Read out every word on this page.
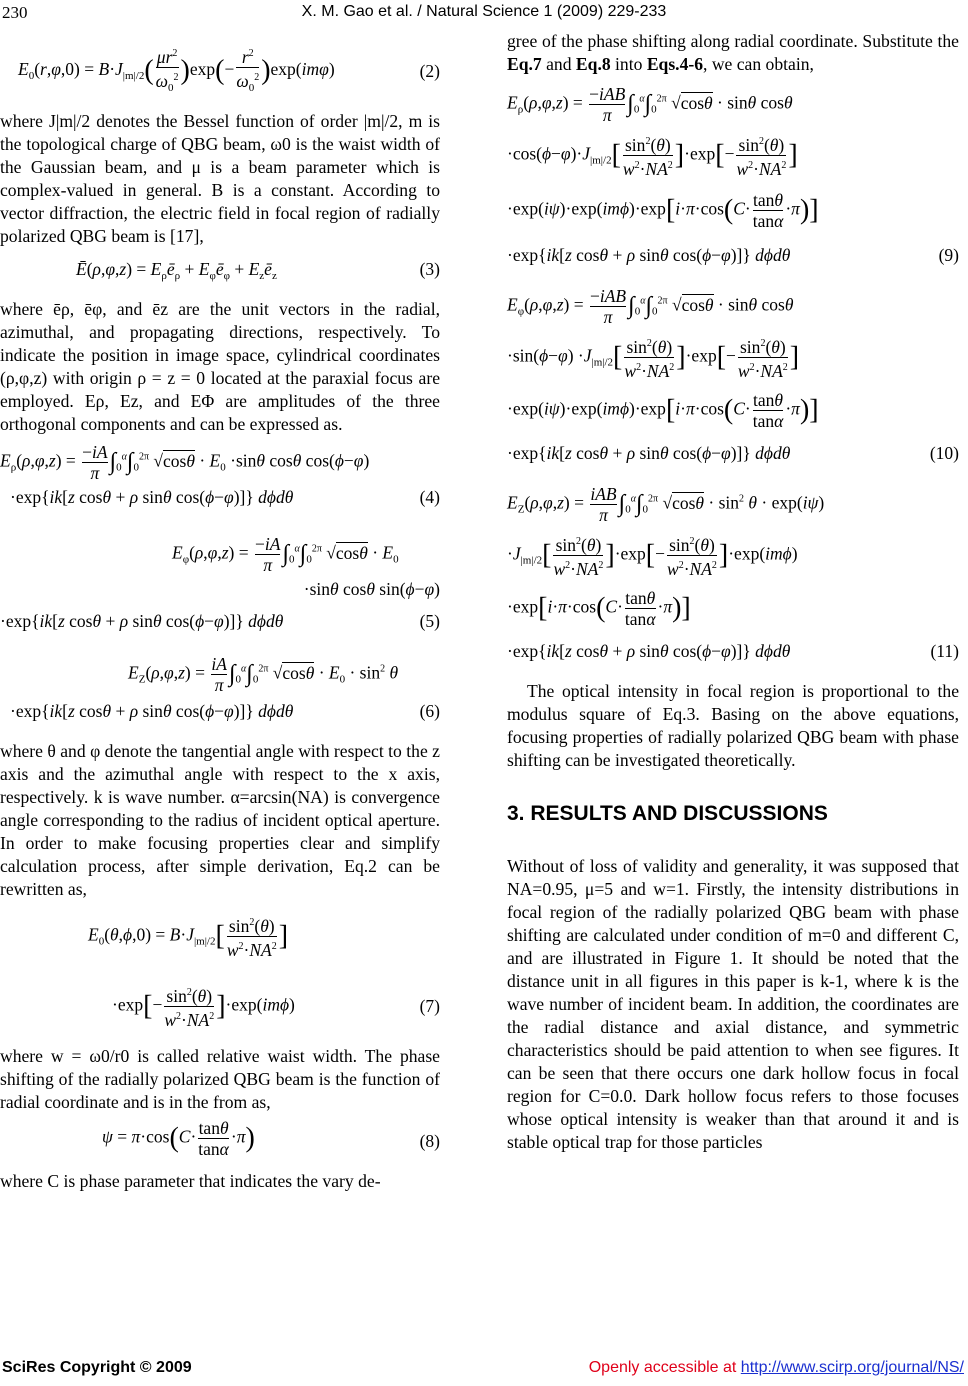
230	X. M. Gao et al. / Natural Science 1 (2009) 229-233
$E_0(r,\varphi,0) = B\cdot J_{|m|/2}( \frac{\mu r^2}{\omega_0^2} )\exp(- \frac{r^2}{\omega_0^2} )\exp(im\varphi)$	(2)

where J|m|/2 denotes the Bessel function of order |m|/2, m is the topological charge of QBG beam, ω0 is the waist width of the Gaussian beam, and μ is a beam parameter which is complex-valued in general. B is a constant. According to vector diffraction, the electric field in focal region of radially polarized QBG beam is [17],

Ē(ρ,φ,z) = $E_\rho ē_\rho$ + $E_\varphi ē_\varphi$ + $E_zē_z$	(3)

where ēρ, ēφ, and ēz are the unit vectors in the radial, azimuthal, and propagating directions, respectively. To indicate the position in image space, cylindrical coordinates (ρ,φ,z) with origin ρ = z = 0 located at the paraxial focus are employed. Eρ, Ez, and EΦ are amplitudes of the three orthogonal components and can be expressed as.

$E_\rho(\rho,\varphi,z) = \frac{-iA}{\pi} \int_0^\alpha\int_0^{2\pi}$ $√\cos\theta \cdot E_0 \cdot\sin\theta$ cosθ cos(ϕ−φ)
·exp{ik[z cosθ + ρ sinθ cos(ϕ−φ)]} dϕdθ	(4)
$E_\varphi(\rho,\varphi,z) = \frac{-iA}{\pi} \int_0^\alpha\int_0^{2\pi}$ $√\cos\theta \cdot E_0$
·sinθ cosθ sin(ϕ−φ)
·exp{ik[z cosθ + ρ sinθ cos(ϕ−φ)]} dϕdθ	(5)
$E_Z(\rho,\varphi,z) = \frac{iA}{\pi} \int_0^\alpha\int_0^{2\pi}$ $√\cos\theta \cdot E_0 \cdot \sin^2 \theta$
·exp{ik[z cosθ + ρ sinθ cos(ϕ−φ)]} dϕdθ	(6)

where θ and φ denote the tangential angle with respect to the z axis and the azimuthal angle with respect to the x axis, respectively. k is wave number. α=arcsin(NA) is convergence angle corresponding to the radius of incident optical aperture. In order to make focusing properties clear and simplify calculation process, after simple derivation, Eq.2 can be rewritten as,

$E_0(\theta,\phi,0) = B\cdot J_{|m|/2}[ \frac{\sin^2(\theta)}{w^2\cdot NA^2}$ ]
$\cdot\exp[- \frac{\sin^2(\theta)}{w^2\cdot NA^2} ]\cdot\exp(im\phi)$	(7)

where w = ω0/r0 is called relative waist width. The phase shifting of the radially polarized QBG beam is the function of radial coordinate and is in the from as,

$\psi = \pi\cdot\cos(C\cdot \frac{\tan\theta}{\tan\alpha} \cdot\pi)$	(8)

where C is phase parameter that indicates the vary de-

gree of the phase shifting along radial coordinate. Substitute the Eq.7 and Eq.8 into Eqs.4-6, we can obtain,

$E_\rho(\rho,\varphi,z) = \frac{\text{−iAB}}{\pi} \int_0^\alpha\int_0^{2\pi}$ √cosθ · sinθ cosθ
$\cdot\cos(\phi-\varphi)\cdot J_{|m|/2}[ \frac{\sin^2(\theta)}{w^2\cdot NA^2} ]\cdot\exp[- \frac{\sin^2(\theta)}{w^2\cdot NA^2}$ ]
$\cdot\exp(i\psi)\cdot\exp(im\phi)\cdot\exp[i\cdot\pi\cdot\cos(C\cdot \frac{\tan\theta}{\tan\alpha} \cdot\pi)]$
·exp{ik[z cosθ + ρ sinθ cos(ϕ−φ)]} dϕdθ	(9)
$E_\varphi(\rho,\varphi,z) = \frac{\text{−iAB}}{\pi} \int_0^\alpha\int_0^{2\pi}$ √cosθ · sinθ cosθ
$\cdot\sin(\phi-\varphi) \cdot J_{|m|/2}[ \frac{\sin^2(\theta)}{w^2\cdot NA^2} ]\cdot\exp[- \frac{\sin^2(\theta)}{w^2\cdot NA^2}$ ]
$\cdot\exp(i\psi)\cdot\exp(im\phi)\cdot\exp[i\cdot\pi\cdot\cos(C\cdot \frac{\tan\theta}{\tan\alpha} \cdot\pi)]$
·exp{ik[z cosθ + ρ sinθ cos(ϕ−φ)]} dϕdθ	(10)
$E_Z(\rho,\varphi,z) = \frac{\text{iAB}}{\pi} \int_0^\alpha\int_0^{2\pi}$ $√\cos\theta \cdot \sin^2 \theta \cdot \exp(i\psi)$
$\cdot J_{|m|/2}[ \frac{\sin^2(\theta)}{w^2\cdot NA^2} ]\cdot\exp[- \frac{\sin^2(\theta)}{w^2\cdot NA^2} ]\cdot\exp(im\phi)$
$\cdot\exp[i\cdot\pi\cdot\cos(C\cdot \frac{\tan\theta}{\tan\alpha} \cdot\pi)]$
·exp{ik[z cosθ + ρ sinθ cos(ϕ−φ)]} dϕdθ	(11)

The optical intensity in focal region is proportional to the modulus square of Eq.3. Basing on the above equations, focusing properties of radially polarized QBG beam with phase shifting can be investigated theoretically.

3. RESULTS AND DISCUSSIONS

Without of loss of validity and generality, it was supposed that NA=0.95, μ=5 and w=1. Firstly, the intensity distributions in focal region of the radially polarized QBG beam with phase shifting are calculated under condition of m=0 and different C, and are illustrated in Figure 1. It should be noted that the distance unit in all figures in this paper is k-1, where k is the wave number of incident beam. In addition, the coordinates are the radial distance and axial distance, and symmetric characteristics should be paid attention to when see figures. It can be seen that there occurs one dark hollow focus in focal region for C=0.0. Dark hollow focus refers to those focuses whose optical intensity is weaker than that around it and is stable optical trap for those particles

SciRes Copyright © 2009	Openly accessible at http://www.scirp.org/journal/NS/
